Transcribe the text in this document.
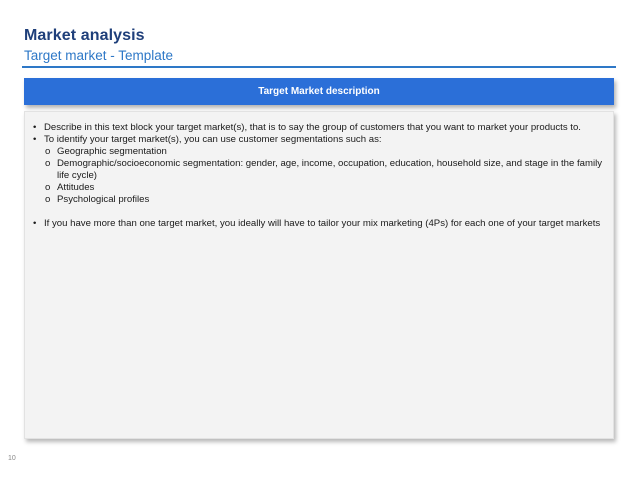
Market analysis
Target market - Template
Target Market description
• Describe in this text block your target market(s), that is to say the group of customers that you want to market your products to.
• To identify your target market(s), you can use customer segmentations such as:
o Geographic segmentation
o Demographic/socioeconomic segmentation: gender, age, income, occupation, education, household size, and stage in the family life cycle)
o Attitudes
o Psychological profiles
• If you have more than one target market, you ideally will have to tailor your mix marketing (4Ps) for each one of your target markets
10
